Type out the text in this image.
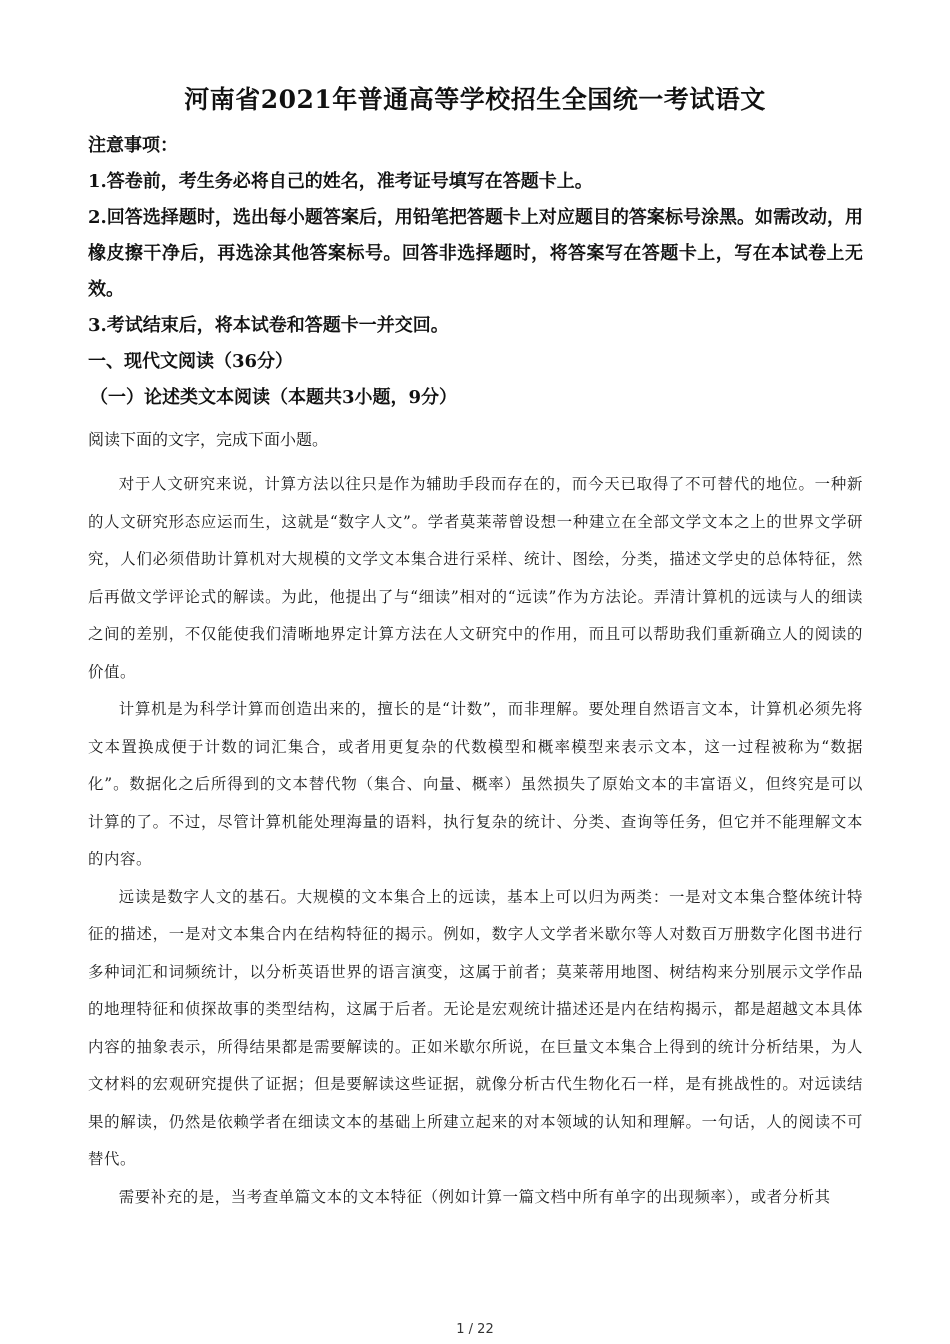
河南省2021年普通高等学校招生全国统一考试语文

注意事项：

1.答卷前，考生务必将自己的姓名，准考证号填写在答题卡上。

2.回答选择题时，选出每小题答案后，用铅笔把答题卡上对应题目的答案标号涂黑。如需改动，用橡皮擦干净后，再选涂其他答案标号。回答非选择题时，将答案写在答题卡上，写在本试卷上无效。

3.考试结束后，将本试卷和答题卡一并交回。

一、现代文阅读（36分）

（一）论述类文本阅读（本题共3小题，9分）

阅读下面的文字，完成下面小题。

对于人文研究来说，计算方法以往只是作为辅助手段而存在的，而今天已取得了不可替代的地位。一种新的人文研究形态应运而生，这就是“数字人文”。学者莫莱蒂曾设想一种建立在全部文学文本之上的世界文学研究，人们必须借助计算机对大规模的文学文本集合进行采样、统计、图绘，分类，描述文学史的总体特征，然后再做文学评论式的解读。为此，他提出了与“细读”相对的“远读”作为方法论。弄清计算机的远读与人的细读之间的差别，不仅能使我们清晰地界定计算方法在人文研究中的作用，而且可以帮助我们重新确立人的阅读的价值。

计算机是为科学计算而创造出来的，擅长的是“计数”，而非理解。要处理自然语言文本，计算机必须先将文本置换成便于计数的词汇集合，或者用更复杂的代数模型和概率模型来表示文本，这一过程被称为“数据化”。数据化之后所得到的文本替代物（集合、向量、概率）虽然损失了原始文本的丰富语义，但终究是可以计算的了。不过，尽管计算机能处理海量的语料，执行复杂的统计、分类、查询等任务，但它并不能理解文本的内容。

远读是数字人文的基石。大规模的文本集合上的远读，基本上可以归为两类：一是对文本集合整体统计特征的描述，一是对文本集合内在结构特征的揭示。例如，数字人文学者米歇尔等人对数百万册数字化图书进行多种词汇和词频统计，以分析英语世界的语言演变，这属于前者；莫莱蒂用地图、树结构来分别展示文学作品的地理特征和侦探故事的类型结构，这属于后者。无论是宏观统计描述还是内在结构揭示，都是超越文本具体内容的抽象表示，所得结果都是需要解读的。正如米歇尔所说，在巨量文本集合上得到的统计分析结果，为人文材料的宏观研究提供了证据；但是要解读这些证据，就像分析古代生物化石一样，是有挑战性的。对远读结果的解读，仍然是依赖学者在细读文本的基础上所建立起来的对本领域的认知和理解。一句话，人的阅读不可替代。

需要补充的是，当考查单篇文本的文本特征（例如计算一篇文档中所有单字的出现频率），或者分析其

1 / 22
